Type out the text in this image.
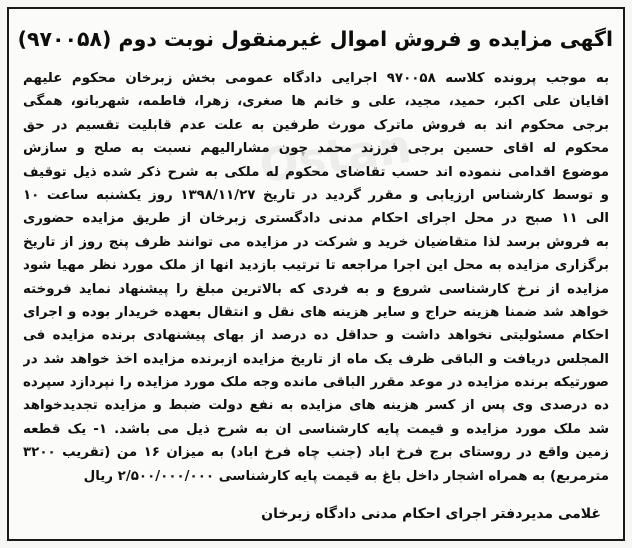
Ostan
اگهی مزایده و فروش اموال غیرمنقول نوبت دوم (۹۷۰۰۵۸)
به موجب پرونده کلاسه ۹۷۰۰۵۸ اجرایی دادگاه عمومی بخش زبرخان محکوم علیهم
اقایان علی اکبر، حمید، مجید، علی و خانم ها صغری، زهرا، فاطمه، شهربانو، همگی
برجی محکوم اند به فروش ماترک مورث طرفین به علت عدم قابلیت تقسیم در حق
محکوم له اقای حسین برجی فرزند محمد چون مشارالیهم نسبت به صلح و سازش
موضوع اقدامی ننموده اند حسب تقاضای محکوم له ملکی به شرح ذکر شده ذیل توقیف
و توسط کارشناس ارزیابی و مقرر گردید در تاریخ ۱۳۹۸/۱۱/۲۷ روز یکشنبه ساعت ۱۰
الی ۱۱ صبح در محل اجرای احکام مدنی دادگستری زبرخان از طریق مزایده حضوری
به فروش برسد لذا متقاضیان خرید و شرکت در مزایده می توانند ظرف پنج روز از تاریخ
برگزاری مزایده به محل این اجرا مراجعه تا ترتیب بازدید انها از ملک مورد نظر مهیا شود
مزایده از نرخ کارشناسی شروع و به فردی که بالاترین مبلغ را پیشنهاد نماید فروخته
خواهد شد ضمنا هزینه حراج و سایر هزینه های نقل و انتقال بعهده خریدار بوده و اجرای
احکام مسئولیتی نخواهد داشت و حداقل ده درصد از بهای پیشنهادی برنده مزایده فی
المجلس دریافت و الباقی ظرف یک ماه از تاریخ مزایده ازبرنده مزایده اخذ خواهد شد در
صورتیکه برنده مزایده در موعد مقرر الباقی مانده وجه ملک مورد مزایده را نپردازد سپرده
ده درصدی وی پس از کسر هزینه های مزایده به نفع دولت ضبط و مزایده تجدیدخواهد
شد ملک مورد مزایده و قیمت پایه کارشناسی ان به شرح ذیل می باشد. ۱- یک قطعه
زمین واقع در روستای برج فرخ اباد (جنب چاه فرخ اباد) به میزان ۱۶ من (تقریب ۳۲۰۰
مترمربع) به همراه اشجار داخل باغ به قیمت پایه کارشناسی ۲/۵۰۰/۰۰۰/۰۰۰ ریال
غلامی مدیردفتر اجرای احکام مدنی دادگاه زبرخان
